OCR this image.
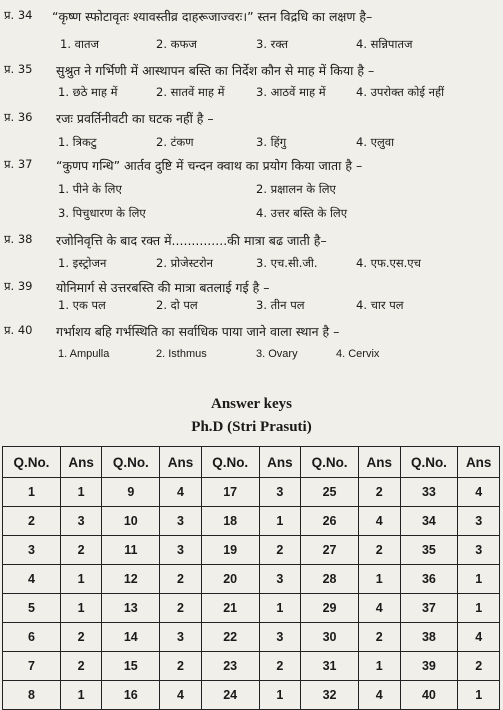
प्र. 34 “कृष्ण स्फोटावृतः श्यावस्तीव्र दाहरूजाज्वरः।” स्तन विद्रधि का लक्षण है–
1. वातज	2. कफज	3. रक्त	4. सन्निपातज
प्र. 35 सुश्रुत ने गर्भिणी में आस्थापन बस्ति का निर्देश कौन से माह में किया है –
1. छठे माह में	2. सातवें माह में	3. आठवें माह में	4. उपरोक्त कोई नहीं
प्र. 36 रजः प्रवर्तिनीवटी का घटक नहीं है –
1. त्रिकटु	2. टंकण	3. हिंगु	4. एलुवा
प्र. 37 “कुणप गन्धि” आर्तव दुष्टि में चन्दन क्वाथ का प्रयोग किया जाता है –
1. पीने के लिए	2. प्रक्षालन के लिए
3. पिचुधारण के लिए	4. उत्तर बस्ति के लिए
प्र. 38 रजोनिवृत्ति के बाद रक्त में..............की मात्रा बढ जाती है–
1. इस्ट्रोजन	2. प्रोजेस्टरोन	3. एच.सी.जी.	4. एफ.एस.एच
प्र. 39 योनिमार्ग से उत्तरबस्ति की मात्रा बतलाई गई है –
1. एक पल	2. दो पल	3. तीन पल	4. चार पल
प्र. 40 गर्भाशय बहि गर्भस्थिति का सर्वाधिक पाया जाने वाला स्थान है –
1. Ampulla	2. Isthmus	3. Ovary	4. Cervix
Answer keys
Ph.D (Stri Prasuti)
Q.No.	Ans	Q.No.	Ans	Q.No.	Ans	Q.No.	Ans	Q.No.	Ans
1	1	9	4	17	3	25	2	33	4
2	3	10	3	18	1	26	4	34	3
3	2	11	3	19	2	27	2	35	3
4	1	12	2	20	3	28	1	36	1
5	1	13	2	21	1	29	4	37	1
6	2	14	3	22	3	30	2	38	4
7	2	15	2	23	2	31	1	39	2
8	1	16	4	24	1	32	4	40	1
